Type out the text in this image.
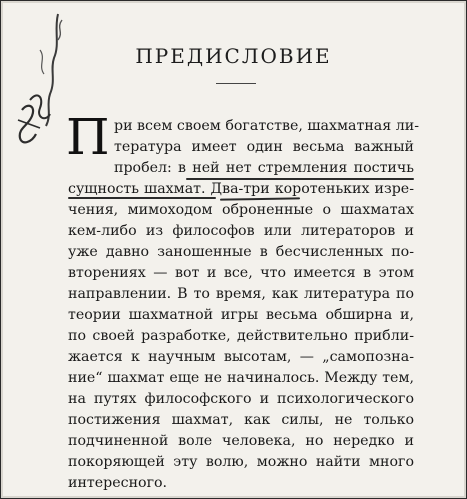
ПРЕДИСЛОВИЕ
П ри всем своем богатстве, шахматная ли-
тература имеет один весьма важный
пробел: в ней нет стремления постичь
сущность шахмат. Два-три коротеньких изре-
чения, мимоходом оброненные о шахматах
кем-либо из философов или литераторов и
уже давно заношенные в бесчисленных по-
вторениях — вот и все, что имеется в этом
направлении. В то время, как литература по
теории шахматной игры весьма обширна и,
по своей разработке, действительно прибли-
жается к научным высотам, — „самопозна-
ние“ шахмат еще не начиналось. Между тем,
на путях философского и психологического
постижения шахмат, как силы, не только
подчиненной воле человека, но нередко и
покоряющей эту волю, можно найти много
интересного.
